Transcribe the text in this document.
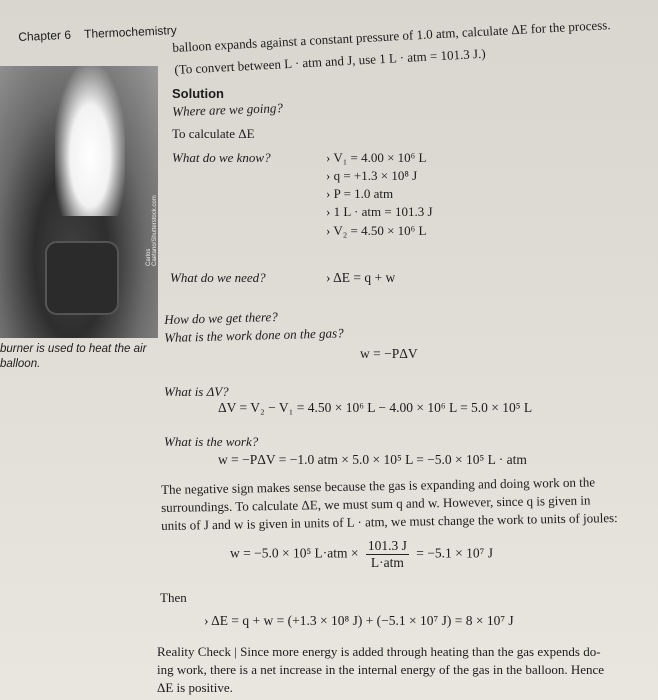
Chapter 6 Thermochemistry
Carlos Caetano/Shutterstock.com
burner is used to heat the air
balloon.
balloon expands against a constant pressure of 1.0 atm, calculate ΔE for the process.
(To convert between L · atm and J, use 1 L · atm = 101.3 J.)
Solution
Where are we going?
To calculate ΔE
What do we know?	› V₁ = 4.00 × 10⁶ L
› q = +1.3 × 10⁸ J
› P = 1.0 atm
› 1 L · atm = 101.3 J
› V₂ = 4.50 × 10⁶ L
What do we need?	› ΔE = q + w
How do we get there?
What is the work done on the gas?
w = −PΔV
What is ΔV?
ΔV = V₂ − V₁ = 4.50 × 10⁶ L − 4.00 × 10⁶ L = 5.0 × 10⁵ L
What is the work?
w = −PΔV = −1.0 atm × 5.0 × 10⁵ L = −5.0 × 10⁵ L · atm
The negative sign makes sense because the gas is expanding and doing work on the
surroundings. To calculate ΔE, we must sum q and w. However, since q is given in
units of J and w is given in units of L · atm, we must change the work to units of joules:
w = −5.0 × 10⁵ $L\cdot atm \times \frac{101.3 J}{\text{L·atm}} = -5.1 \times 10^7$ J
Then
› ΔE = q + w = (+1.3 × 10⁸ J) + (−5.1 × 10⁷ J) = 8 × 10⁷ J
Reality Check | Since more energy is added through heating than the gas expends do-
ing work, there is a net increase in the internal energy of the gas in the balloon. Hence
ΔE is positive.
